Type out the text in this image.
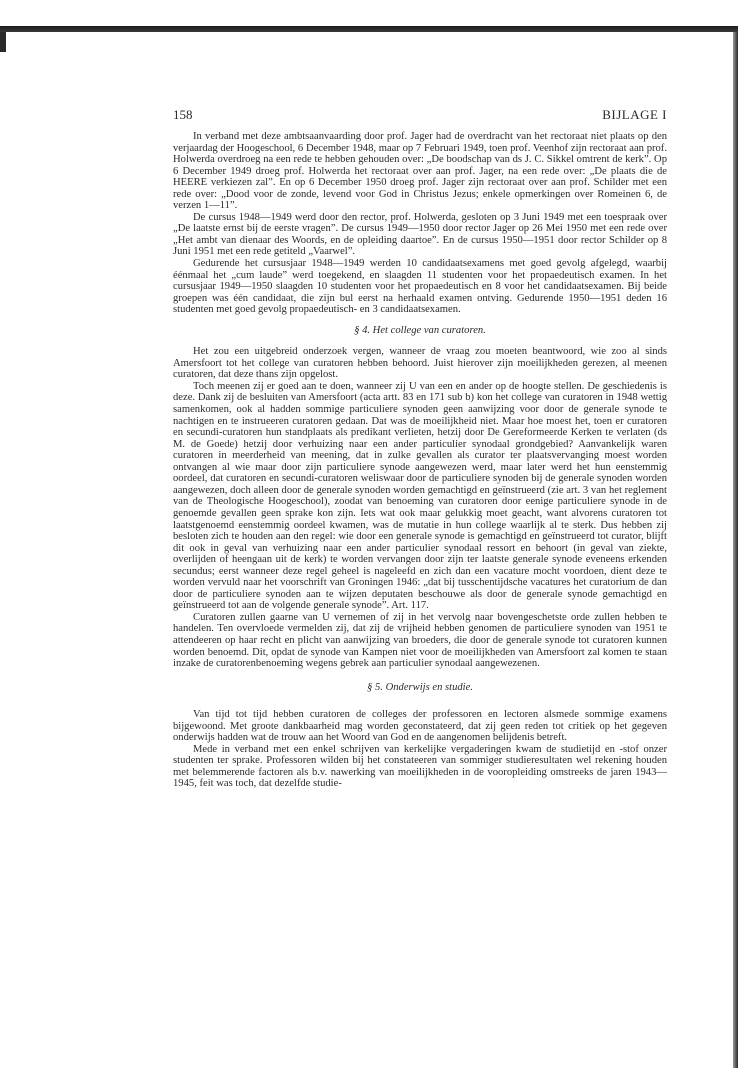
158	BIJLAGE I

In verband met deze ambtsaanvaarding door prof. Jager had de overdracht van het rectoraat niet plaats op den verjaardag der Hoogeschool, 6 December 1948, maar op 7 Februari 1949, toen prof. Veenhof zijn rectoraat aan prof. Holwerda overdroeg na een rede te hebben gehouden over: „De boodschap van ds J. C. Sikkel omtrent de kerk”. Op 6 December 1949 droeg prof. Holwerda het rectoraat over aan prof. Jager, na een rede over: „De plaats die de HEERE verkiezen zal”. En op 6 December 1950 droeg prof. Jager zijn rectoraat over aan prof. Schilder met een rede over: „Dood voor de zonde, levend voor God in Christus Jezus; enkele opmerkingen over Romeinen 6, de verzen 1—11”.

De cursus 1948—1949 werd door den rector, prof. Holwerda, gesloten op 3 Juni 1949 met een toespraak over „De laatste ernst bij de eerste vragen”. De cursus 1949—1950 door rector Jager op 26 Mei 1950 met een rede over „Het ambt van dienaar des Woords, en de opleiding daartoe”. En de cursus 1950—1951 door rector Schilder op 8 Juni 1951 met een rede getiteld „Vaarwel”.

Gedurende het cursusjaar 1948—1949 werden 10 candidaatsexamens met goed gevolg afgelegd, waarbij éénmaal het „cum laude” werd toegekend, en slaagden 11 studenten voor het propaedeutisch examen. In het cursusjaar 1949—1950 slaagden 10 studenten voor het propaedeutisch en 8 voor het candidaatsexamen. Bij beide groepen was één candidaat, die zijn bul eerst na herhaald examen ontving. Gedurende 1950—1951 deden 16 studenten met goed gevolg propaedeutisch- en 3 candidaatsexamen.

§ 4. Het college van curatoren.

Het zou een uitgebreid onderzoek vergen, wanneer de vraag zou moeten beantwoord, wie zoo al sinds Amersfoort tot het college van curatoren hebben behoord. Juist hierover zijn moeilijkheden gerezen, al meenen curatoren, dat deze thans zijn opgelost.

Toch meenen zij er goed aan te doen, wanneer zij U van een en ander op de hoogte stellen. De geschiedenis is deze. Dank zij de besluiten van Amersfoort (acta artt. 83 en 171 sub b) kon het college van curatoren in 1948 wettig samenkomen, ook al hadden sommige particuliere synoden geen aanwijzing voor door de generale synode te nachtigen en te instrueeren curatoren gedaan. Dat was de moeilijkheid niet. Maar hoe moest het, toen er curatoren en secundi-curatoren hun standplaats als predikant verlieten, hetzij door De Gereformeerde Kerken te verlaten (ds M. de Goede) hetzij door verhuizing naar een ander particulier synodaal grondgebied? Aanvankelijk waren curatoren in meerderheid van meening, dat in zulke gevallen als curator ter plaatsvervanging moest worden ontvangen al wie maar door zijn particuliere synode aangewezen werd, maar later werd het hun eenstemmig oordeel, dat curatoren en secundi-curatoren weliswaar door de particuliere synoden bij de generale synoden worden aangewezen, doch alleen door de generale synoden worden gemachtigd en geïnstrueerd (zie art. 3 van het reglement van de Theologische Hoogeschool), zoodat van benoeming van curatoren door eenige particuliere synode in de genoemde gevallen geen sprake kon zijn. Iets wat ook maar gelukkig moet geacht, want alvorens curatoren tot laatstgenoemd eenstemmig oordeel kwamen, was de mutatie in hun college waarlijk al te sterk. Dus hebben zij besloten zich te houden aan den regel: wie door een generale synode is gemachtigd en geïnstrueerd tot curator, blijft dit ook in geval van verhuizing naar een ander particulier synodaal ressort en behoort (in geval van ziekte, overlijden of heengaan uit de kerk) te worden vervangen door zijn ter laatste generale synode eveneens erkenden secundus; eerst wanneer deze regel geheel is nageleefd en zich dan een vacature mocht voordoen, dient deze te worden vervuld naar het voorschrift van Groningen 1946: „dat bij tusschentijdsche vacatures het curatorium de dan door de particuliere synoden aan te wijzen deputaten beschouwe als door de generale synode gemachtigd en geïnstrueerd tot aan de volgende generale synode”. Art. 117.

Curatoren zullen gaarne van U vernemen of zij in het vervolg naar bovengeschetste orde zullen hebben te handelen. Ten overvloede vermelden zij, dat zij de vrijheid hebben genomen de particuliere synoden van 1951 te attendeeren op haar recht en plicht van aanwijzing van broeders, die door de generale synode tot curatoren kunnen worden benoemd. Dit, opdat de synode van Kampen niet voor de moeilijkheden van Amersfoort zal komen te staan inzake de curatorenbenoeming wegens gebrek aan particulier synodaal aangewezenen.

§ 5. Onderwijs en studie.

Van tijd tot tijd hebben curatoren de colleges der professoren en lectoren alsmede sommige examens bijgewoond. Met groote dankbaarheid mag worden geconstateerd, dat zij geen reden tot critiek op het gegeven onderwijs hadden wat de trouw aan het Woord van God en de aangenomen belijdenis betreft.

Mede in verband met een enkel schrijven van kerkelijke vergaderingen kwam de studietijd en -stof onzer studenten ter sprake. Professoren wilden bij het constateeren van sommiger studieresultaten wel rekening houden met belemmerende factoren als b.v. nawerking van moeilijkheden in de vooropleiding omstreeks de jaren 1943—1945, feit was toch, dat dezelfde studie-
